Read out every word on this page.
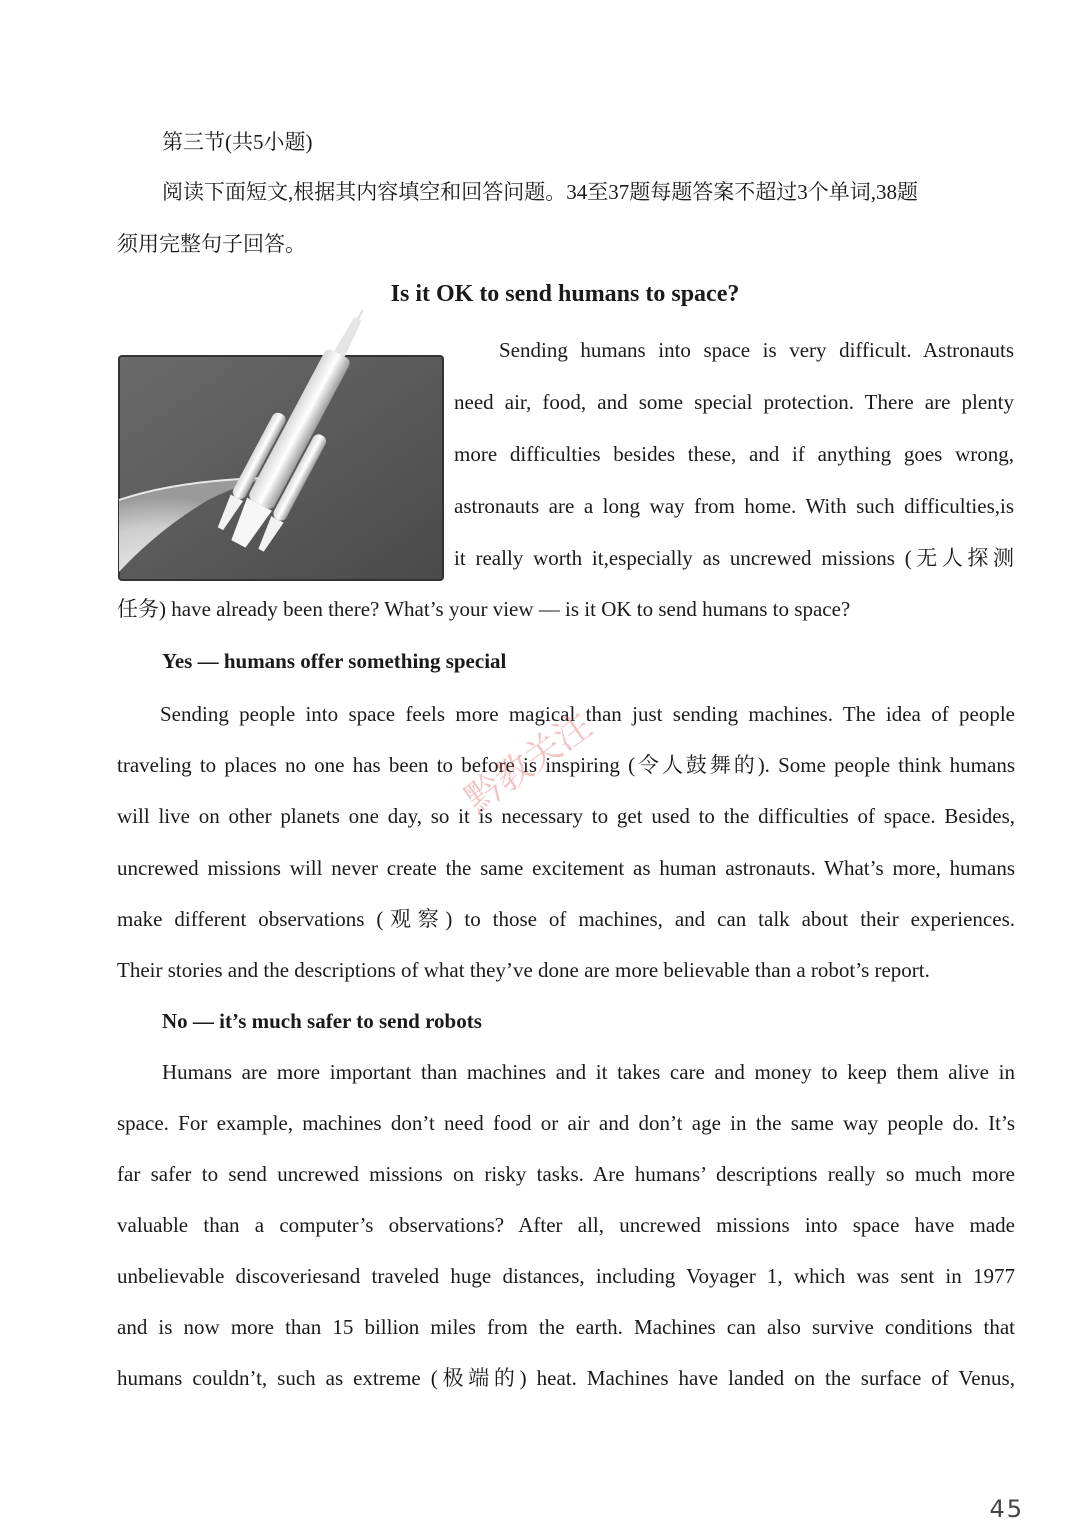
第三节(共5小题)
阅读下面短文,根据其内容填空和回答问题。34至37题每题答案不超过3个单词,38题
须用完整句子回答。
Is it OK to send humans to space?
Sending humans into space is very difficult. Astronauts
need air, food, and some special protection. There are plenty
more difficulties besides these, and if anything goes wrong,
astronauts are a long way from home. With such difficulties,is
it really worth it,especially as uncrewed missions (无人探测
任务) have already been there? What’s your view — is it OK to send humans to space?
Yes — humans offer something special
Sending people into space feels more magical than just sending machines. The idea of people
traveling to places no one has been to before is inspiring (令人鼓舞的). Some people think humans
will live on other planets one day, so it is necessary to get used to the difficulties of space. Besides,
uncrewed missions will never create the same excitement as human astronauts. What’s more, humans
make different observations (观察) to those of machines, and can talk about their experiences.
Their stories and the descriptions of what they’ve done are more believable than a robot’s report.
No — it’s much safer to send robots
Humans are more important than machines and it takes care and money to keep them alive in
space. For example, machines don’t need food or air and don’t age in the same way people do. It’s
far safer to send uncrewed missions on risky tasks. Are humans’ descriptions really so much more
valuable than a computer’s observations? After all, uncrewed missions into space have made
unbelievable discoveriesand traveled huge distances, including Voyager 1, which was sent in 1977
and is now more than 15 billion miles from the earth. Machines can also survive conditions that
humans couldn’t, such as extreme (极端的) heat. Machines have landed on the surface of Venus,
黔教关注
45
